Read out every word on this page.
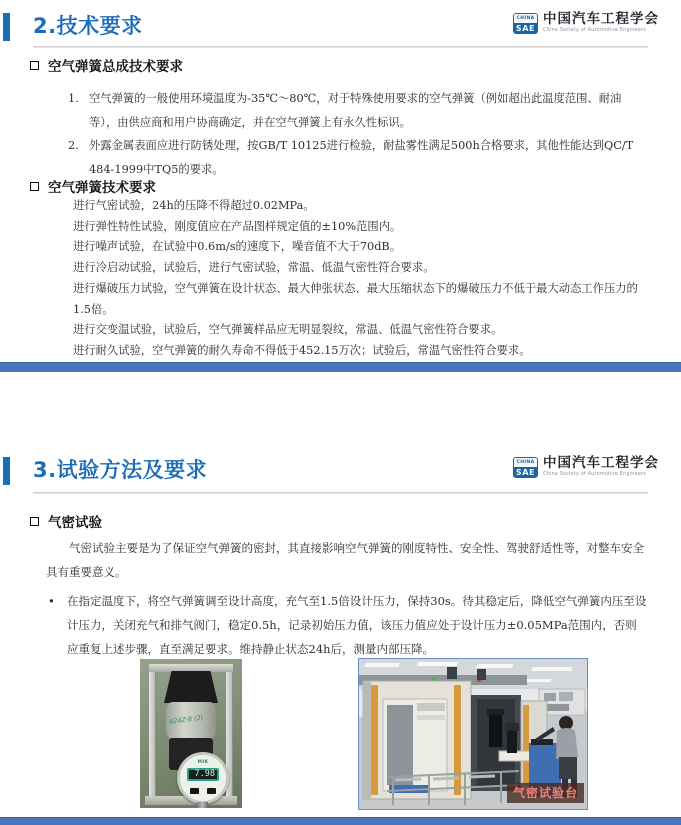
2.技术要求	CHINA
SAE
中国汽车工程学会
China Society of Automotive Engineers
空气弹簧总成技术要求
1. 空气弹簧的一般使用环境温度为-35℃～80℃，对于特殊使用要求的空气弹簧（例如超出此温度范围、耐油等），由供应商和用户协商确定，并在空气弹簧上有永久性标识。
2. 外露金属表面应进行防锈处理，按GB/T 10125进行检验，耐盐雾性满足500h合格要求，其他性能达到QC/T 484-1999中TQ5的要求。
空气弹簧技术要求

进行气密试验，24h的压降不得超过0.02MPa。

进行弹性特性试验，刚度值应在产品图样规定值的±10%范围内。

进行噪声试验，在试验中0.6m/s的速度下，噪音值不大于70dB。

进行冷启动试验，试验后，进行气密试验，常温、低温气密性符合要求。

进行爆破压力试验，空气弹簧在设计状态、最大伸张状态、最大压缩状态下的爆破压力不低于最大动态工作压力的1.5倍。

进行交变温试验，试验后，空气弹簧样品应无明显裂纹，常温、低温气密性符合要求。

进行耐久试验，空气弹簧的耐久寿命不得低于452.15万次；试验后，常温气密性符合要求。

3.试验方法及要求	CHINA
SAE
中国汽车工程学会
China Society of Automotive Engineers
气密试验

气密试验主要是为了保证空气弹簧的密封，其直接影响空气弹簧的刚度特性、安全性、驾驶舒适性等，对整车安全具有重要意义。

•	在指定温度下，将空气弹簧调至设计高度，充气至1.5倍设计压力，保持30s。待其稳定后，降低空气弹簧内压至设计压力，关闭充气和排气阀门，稳定0.5h，记录初始压力值，该压力值应处于设计压力±0.05MPa范围内，否则应重复上述步骤，直至满足要求。维持静止状态24h后，测量内部压降。
424Z-8 (2)
MIK
7.98
气密试验台
